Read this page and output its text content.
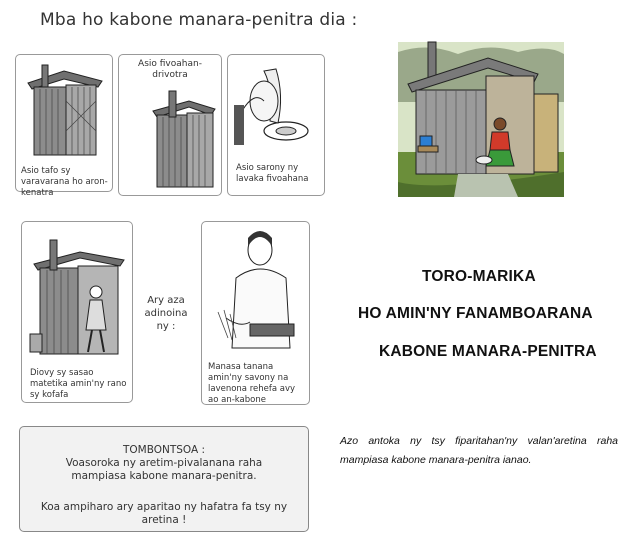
Mba ho kabone manara-penitra dia :
Asio tafo sy varavarana ho aron-kenatra
Asio fivoahan-drivotra
Asio sarony ny lavaka fivoahana
Diovy sy sasao matetika amin'ny rano sy kofafa
Ary aza adinoina ny :
Manasa tanana amin'ny savony na lavenona rehefa avy ao an-kabone
TOMBONTSOA :
Voasoroka ny aretim-pivalanana raha mampiasa kabone manara-penitra.
Koa ampiharo ary aparitao ny hafatra fa tsy ny aretina !
TORO-MARIKA
HO AMIN'NY FANAMBOARANA
KABONE MANARA-PENITRA
Azo antoka ny tsy fiparitahan'ny valan'aretina raha mampiasa kabone manara-penitra ianao.
